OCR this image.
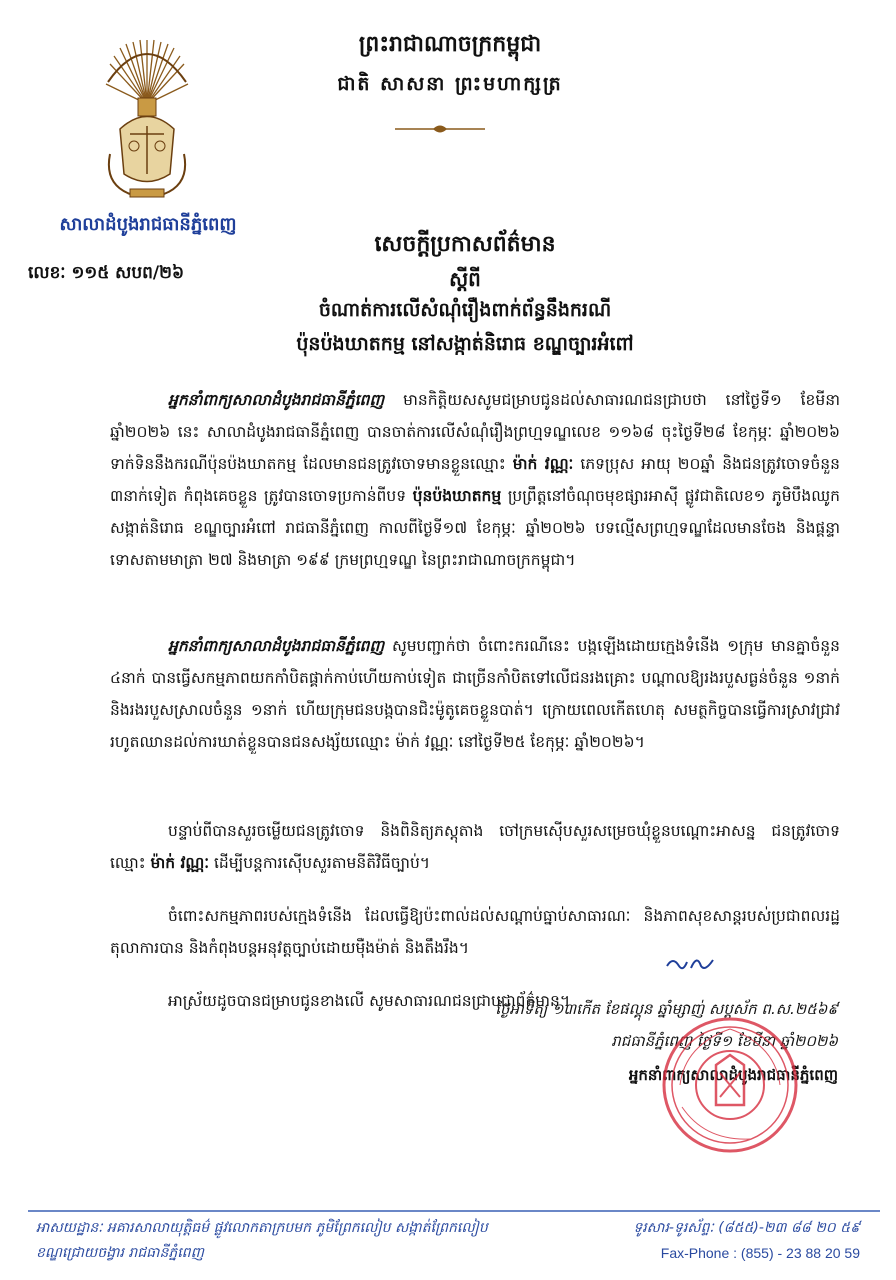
ព្រះរាជាណាចក្រកម្ពុជា
ជាតិ សាសនា ព្រះមហាក្សត្រ
សាលាដំបូងរាជធានីភ្នំពេញ
លេខៈ ១១៥ សបព/២៦
សេចក្តីប្រកាសព័ត៌មាន
ស្តីពី
ចំណាត់ការលើសំណុំរឿងពាក់ព័ន្ធនឹងករណី
ប៉ុនប៉ងឃាតកម្ម នៅសង្កាត់និរោធ ខណ្ឌច្បារអំពៅ
អ្នកនាំពាក្យសាលាដំបូងរាជធានីភ្នំពេញ មានកិត្តិយសសូមជម្រាបជូនដល់សាធារណជនជ្រាបថា នៅថ្ងៃទី១ ខែមីនា ឆ្នាំ២០២៦ នេះ សាលាដំបូងរាជធានីភ្នំពេញ បានចាត់ការលើសំណុំរឿងព្រហ្មទណ្ឌលេខ ១១៦៨ ចុះថ្ងៃទី២៨ ខែកុម្ភៈ ឆ្នាំ២០២៦ ទាក់ទិននឹងករណីប៉ុនប៉ងឃាតកម្ម ដែលមានជនត្រូវចោទមានខ្លួនឈ្មោះ ម៉ាក់ វណ្ណៈ ភេទប្រុស អាយុ ២០ឆ្នាំ និងជនត្រូវចោទចំនួន ៣នាក់ទៀត កំពុងគេចខ្លួន ត្រូវបានចោទប្រកាន់ពីបទ ប៉ុនប៉ងឃាតកម្ម ប្រព្រឹត្តនៅចំណុចមុខផ្សារអាស៊ី ផ្លូវជាតិលេខ១ ភូមិបឹងឈូក សង្កាត់និរោធ ខណ្ឌច្បារអំពៅ រាជធានីភ្នំពេញ កាលពីថ្ងៃទី១៧ ខែកុម្ភៈ ឆ្នាំ២០២៦ បទល្មើសព្រហ្មទណ្ឌដែលមានចែង និងផ្តន្ទាទោសតាមមាត្រា ២៧ និងមាត្រា ១៩៩ ក្រមព្រហ្មទណ្ឌ នៃព្រះរាជាណាចក្រកម្ពុជា។
អ្នកនាំពាក្យសាលាដំបូងរាជធានីភ្នំពេញ សូមបញ្ជាក់ថា ចំពោះករណីនេះ បង្កឡើងដោយក្មេងទំនើង ១ក្រុម មានគ្នាចំនួន ៤នាក់ បានធ្វើសកម្មភាពយកកាំបិតផ្គាក់កាប់ហើយកាប់ទៀត ជាច្រើនកាំបិតទៅលើជនរងគ្រោះ បណ្តាលឱ្យរងរបួសធ្ងន់ចំនួន ១នាក់ និងរងរបួសស្រាលចំនួន ១នាក់ ហើយក្រុមជនបង្កបានជិះម៉ូតូគេចខ្លួនបាត់។ ក្រោយពេលកើតហេតុ សមត្ថកិច្ចបានធ្វើការស្រាវជ្រាវរហូតឈានដល់ការឃាត់ខ្លួនបានជនសង្ស័យឈ្មោះ ម៉ាក់ វណ្ណៈ នៅថ្ងៃទី២៥ ខែកុម្ភៈ ឆ្នាំ២០២៦។
បន្ទាប់ពីបានសួរចម្លើយជនត្រូវចោទ និងពិនិត្យភស្តុតាង ចៅក្រមស៊ើបសួរសម្រេចឃុំខ្លួនបណ្តោះអាសន្ន ជនត្រូវចោទឈ្មោះ ម៉ាក់ វណ្ណៈ ដើម្បីបន្តការស៊ើបសួរតាមនីតិវិធីច្បាប់។
ចំពោះសកម្មភាពរបស់ក្មេងទំនើង ដែលធ្វើឱ្យប៉ះពាល់ដល់សណ្តាប់ធ្នាប់សាធារណៈ និងភាពសុខសាន្តរបស់ប្រជាពលរដ្ឋ តុលាការបាន និងកំពុងបន្តអនុវត្តច្បាប់ដោយម៉ឺងម៉ាត់ និងតឹងរឹង។
អាស្រ័យដូចបានជម្រាបជូនខាងលើ សូមសាធារណជនជ្រាបជាព័ត៌មាន។
ថ្ងៃអាទិត្យ ១៣កើត ខែផល្គុន ឆ្នាំម្សាញ់ សប្តស័ក ព.ស.២៥៦៩
រាជធានីភ្នំពេញ ថ្ងៃទី១ ខែមីនា ឆ្នាំ២០២៦
អ្នកនាំពាក្យសាលាដំបូងរាជធានីភ្នំពេញ
អាសយដ្ឋានៈ អគារសាលាយុត្តិធម៌ ផ្លូវលោកតាក្របមក ភូមិព្រែកលៀប សង្កាត់ព្រែកលៀប
ខណ្ឌជ្រោយចង្វារ រាជធានីភ្នំពេញ
ទូរសារ-ទូរស័ព្ទៈ (៨៥៥)-២៣ ៨៨ ២០ ៥៩
Fax-Phone : (855) - 23 88 20 59
